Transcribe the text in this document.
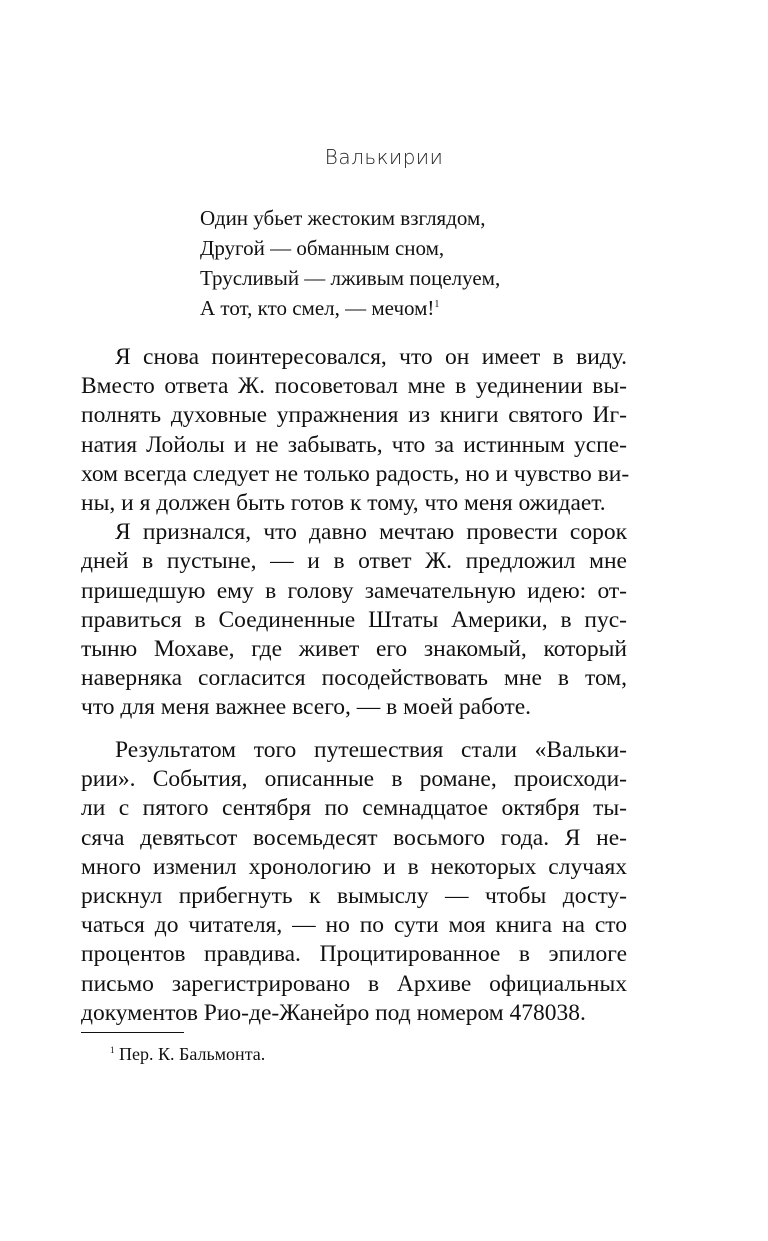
Валькирии
Один убьет жестоким взглядом,
Другой — обманным сном,
Трусливый — лживым поцелуем,
А тот, кто смел, — мечом!$^1$
Я снова поинтересовался, что он имеет в виду.
Вместо ответа Ж. посоветовал мне в уединении вы-
полнять духовные упражнения из книги святого Иг-
натия Лойолы и не забывать, что за истинным успе-
хом всегда следует не только радость, но и чувство ви-
ны, и я должен быть готов к тому, что меня ожидает.
Я признался, что давно мечтаю провести сорок
дней в пустыне, — и в ответ Ж. предложил мне
пришедшую ему в голову замечательную идею: от-
правиться в Соединенные Штаты Америки, в пус-
тыню Мохаве, где живет его знакомый, который
наверняка согласится посодействовать мне в том,
что для меня важнее всего, — в моей работе.
Результатом того путешествия стали «Вальки-
рии». События, описанные в романе, происходи-
ли с пятого сентября по семнадцатое октября ты-
сяча девятьсот восемьдесят восьмого года. Я не-
много изменил хронологию и в некоторых случаях
рискнул прибегнуть к вымыслу — чтобы досту-
чаться до читателя, — но по сути моя книга на сто
процентов правдива. Процитированное в эпилоге
письмо зарегистрировано в Архиве официальных
документов Рио-де-Жанейро под номером 478038.
$^1$ Пер. К. Бальмонта.
